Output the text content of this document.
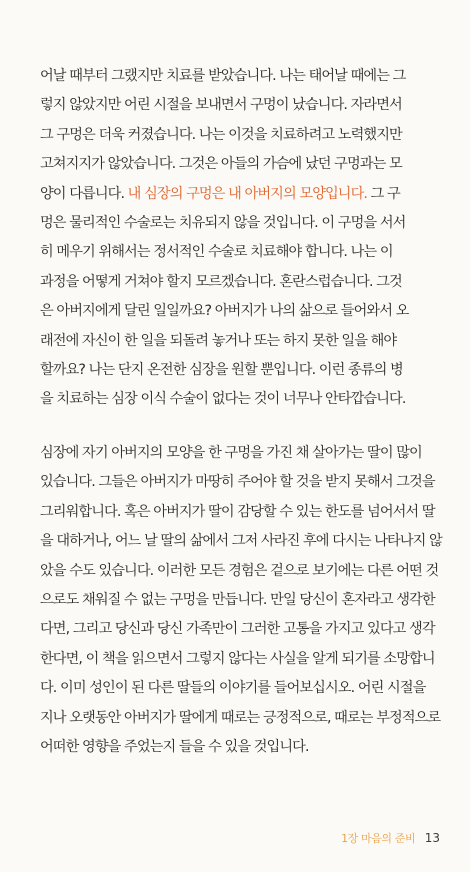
어날 때부터 그랬지만 치료를 받았습니다. 나는 태어날 때에는 그
렇지 않았지만 어린 시절을 보내면서 구멍이 났습니다. 자라면서
그 구멍은 더욱 커졌습니다. 나는 이것을 치료하려고 노력했지만
고쳐지지가 않았습니다. 그것은 아들의 가슴에 났던 구멍과는 모
양이 다릅니다. 내 심장의 구멍은 내 아버지의 모양입니다. 그 구
멍은 물리적인 수술로는 치유되지 않을 것입니다. 이 구멍을 서서
히 메우기 위해서는 정서적인 수술로 치료해야 합니다. 나는 이
과정을 어떻게 거쳐야 할지 모르겠습니다. 혼란스럽습니다. 그것
은 아버지에게 달린 일일까요? 아버지가 나의 삶으로 들어와서 오
래전에 자신이 한 일을 되돌려 놓거나 또는 하지 못한 일을 해야
할까요? 나는 단지 온전한 심장을 원할 뿐입니다. 이런 종류의 병
을 치료하는 심장 이식 수술이 없다는 것이 너무나 안타깝습니다.
심장에 자기 아버지의 모양을 한 구멍을 가진 채 살아가는 딸이 많이
있습니다. 그들은 아버지가 마땅히 주어야 할 것을 받지 못해서 그것을
그리워합니다. 혹은 아버지가 딸이 감당할 수 있는 한도를 넘어서서 딸
을 대하거나, 어느 날 딸의 삶에서 그저 사라진 후에 다시는 나타나지 않
았을 수도 있습니다. 이러한 모든 경험은 겉으로 보기에는 다른 어떤 것
으로도 채워질 수 없는 구멍을 만듭니다. 만일 당신이 혼자라고 생각한
다면, 그리고 당신과 당신 가족만이 그러한 고통을 가지고 있다고 생각
한다면, 이 책을 읽으면서 그렇지 않다는 사실을 알게 되기를 소망합니
다. 이미 성인이 된 다른 딸들의 이야기를 들어보십시오. 어린 시절을
지나 오랫동안 아버지가 딸에게 때로는 긍정적으로, 때로는 부정적으로
어떠한 영향을 주었는지 들을 수 있을 것입니다.
1장 마음의 준비 13
